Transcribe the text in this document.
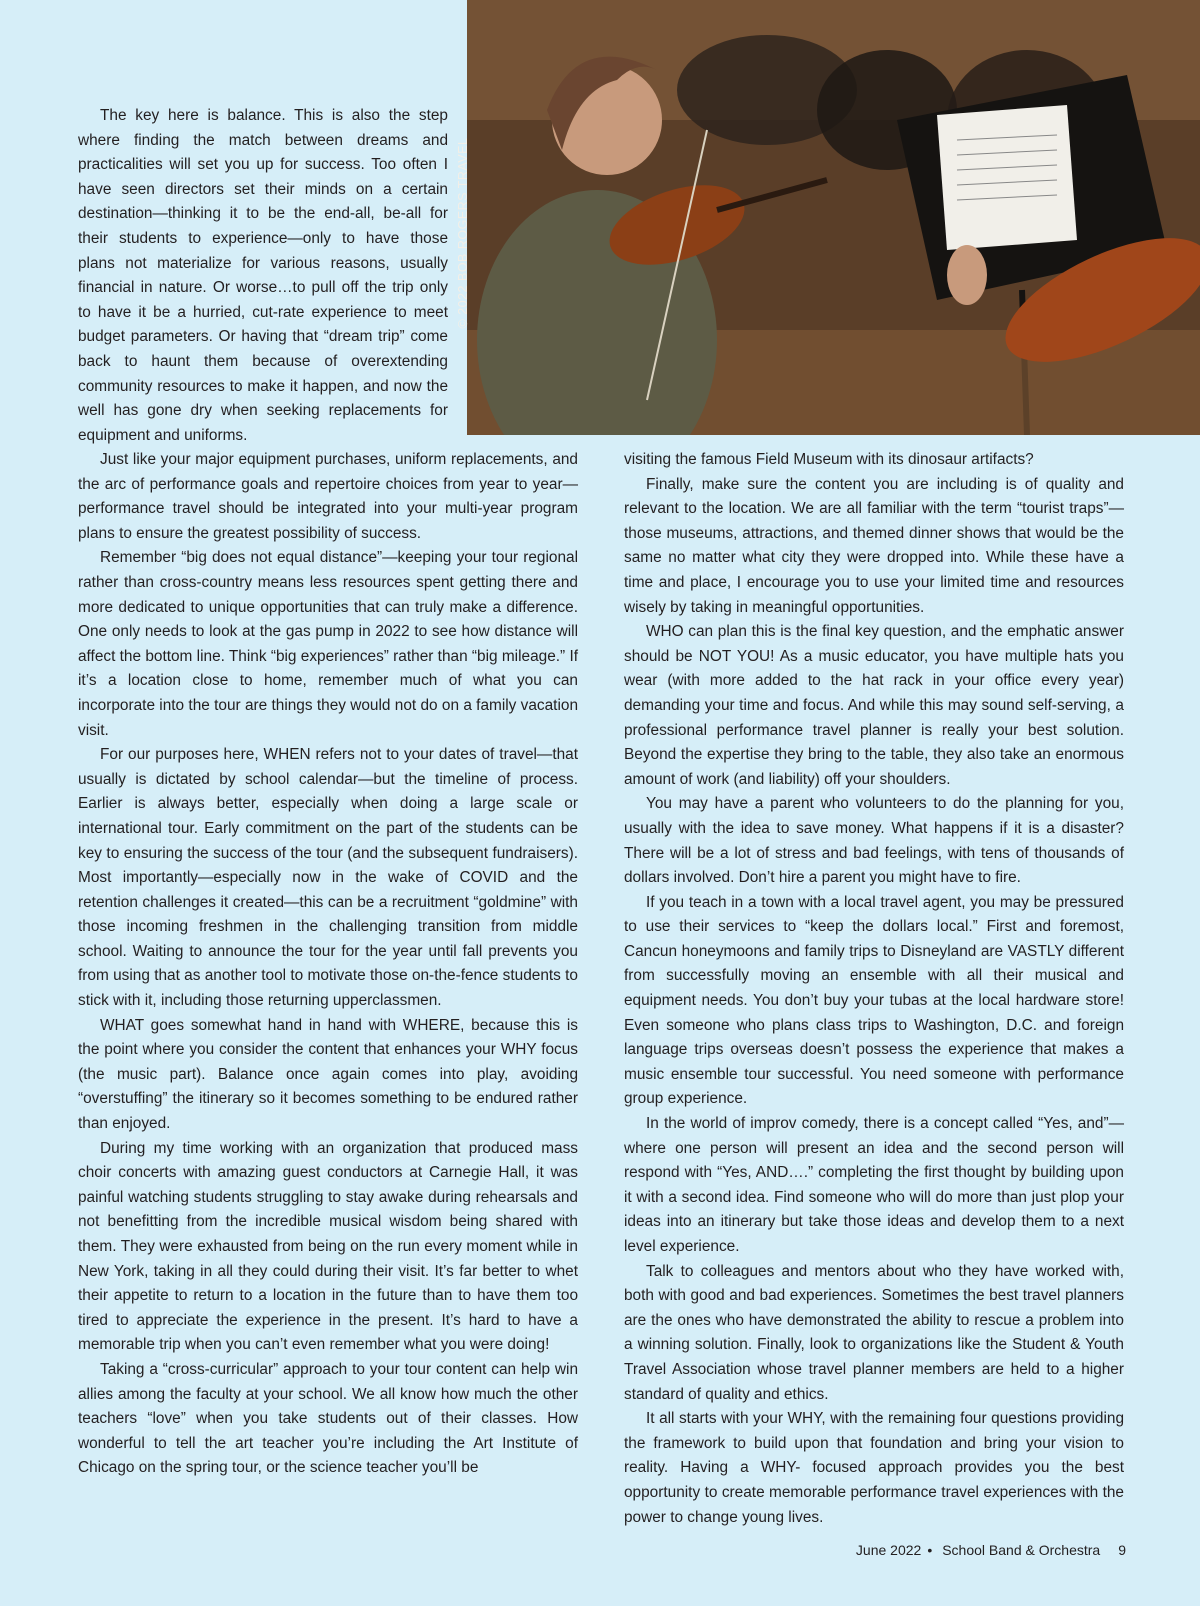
© 2022 BOB ROGERS TRAVEL

The key here is balance. This is also the step where finding the match between dreams and practicalities will set you up for success. Too often I have seen directors set their minds on a certain destination—thinking it to be the end-all, be-all for their students to experience—only to have those plans not materialize for various reasons, usually financial in nature. Or worse…to pull off the trip only to have it be a hurried, cut-rate experience to meet budget parameters. Or having that “dream trip” come back to haunt them because of overextending community resources to make it happen, and now the well has gone dry when seeking replacements for equipment and uniforms.

Just like your major equipment purchases, uniform replacements, and the arc of performance goals and repertoire choices from year to year—performance travel should be integrated into your multi-year program plans to ensure the greatest possibility of success.

Remember “big does not equal distance”—keeping your tour regional rather than cross-country means less resources spent getting there and more dedicated to unique opportunities that can truly make a difference. One only needs to look at the gas pump in 2022 to see how distance will affect the bottom line. Think “big experiences” rather than “big mileage.” If it’s a location close to home, remember much of what you can incorporate into the tour are things they would not do on a family vacation visit.

For our purposes here, WHEN refers not to your dates of travel—that usually is dictated by school calendar—but the timeline of process. Earlier is always better, especially when doing a large scale or international tour. Early commitment on the part of the students can be key to ensuring the success of the tour (and the subsequent fundraisers). Most importantly—especially now in the wake of COVID and the retention challenges it created—this can be a recruitment “goldmine” with those incoming freshmen in the challenging transition from middle school. Waiting to announce the tour for the year until fall prevents you from using that as another tool to motivate those on-the-fence students to stick with it, including those returning upperclassmen.

WHAT goes somewhat hand in hand with WHERE, because this is the point where you consider the content that enhances your WHY focus (the music part). Balance once again comes into play, avoiding “overstuffing” the itinerary so it becomes something to be endured rather than enjoyed.

During my time working with an organization that produced mass choir concerts with amazing guest conductors at Carnegie Hall, it was painful watching students struggling to stay awake during rehearsals and not benefitting from the incredible musical wisdom being shared with them. They were exhausted from being on the run every moment while in New York, taking in all they could during their visit. It’s far better to whet their appetite to return to a location in the future than to have them too tired to appreciate the experience in the present. It’s hard to have a memorable trip when you can’t even remember what you were doing!

Taking a “cross-curricular” approach to your tour content can help win allies among the faculty at your school. We all know how much the other teachers “love” when you take students out of their classes. How wonderful to tell the art teacher you’re including the Art Institute of Chicago on the spring tour, or the science teacher you’ll be

visiting the famous Field Museum with its dinosaur artifacts?

Finally, make sure the content you are including is of quality and relevant to the location. We are all familiar with the term “tourist traps”—those museums, attractions, and themed dinner shows that would be the same no matter what city they were dropped into. While these have a time and place, I encourage you to use your limited time and resources wisely by taking in meaningful opportunities.

WHO can plan this is the final key question, and the emphatic answer should be NOT YOU! As a music educator, you have multiple hats you wear (with more added to the hat rack in your office every year) demanding your time and focus. And while this may sound self-serving, a professional performance travel planner is really your best solution. Beyond the expertise they bring to the table, they also take an enormous amount of work (and liability) off your shoulders.

You may have a parent who volunteers to do the planning for you, usually with the idea to save money. What happens if it is a disaster? There will be a lot of stress and bad feelings, with tens of thousands of dollars involved. Don’t hire a parent you might have to fire.

If you teach in a town with a local travel agent, you may be pressured to use their services to “keep the dollars local.” First and foremost, Cancun honeymoons and family trips to Disneyland are VASTLY different from successfully moving an ensemble with all their musical and equipment needs. You don’t buy your tubas at the local hardware store! Even someone who plans class trips to Washington, D.C. and foreign language trips overseas doesn’t possess the experience that makes a music ensemble tour successful. You need someone with performance group experience.

In the world of improv comedy, there is a concept called “Yes, and”—where one person will present an idea and the second person will respond with “Yes, AND….” completing the first thought by building upon it with a second idea. Find someone who will do more than just plop your ideas into an itinerary but take those ideas and develop them to a next level experience.

Talk to colleagues and mentors about who they have worked with, both with good and bad experiences. Sometimes the best travel planners are the ones who have demonstrated the ability to rescue a problem into a winning solution. Finally, look to organizations like the Student & Youth Travel Association whose travel planner members are held to a higher standard of quality and ethics.

It all starts with your WHY, with the remaining four questions providing the framework to build upon that foundation and bring your vision to reality. Having a WHY- focused approach provides you the best opportunity to create memorable performance travel experiences with the power to change young lives.

June 2022 • School Band & Orchestra 9
